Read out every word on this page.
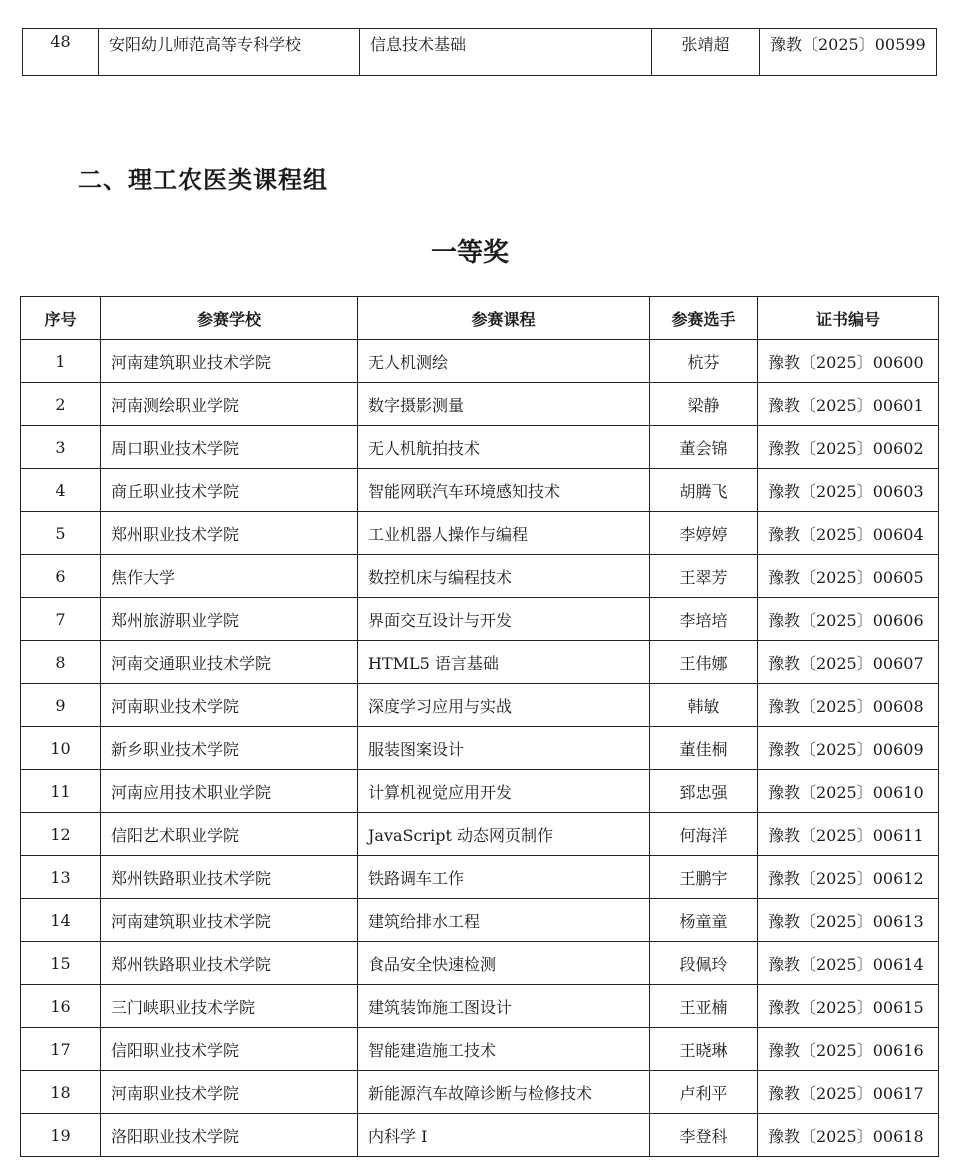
48	安阳幼儿师范高等专科学校	信息技术基础	张靖超	豫教〔2025〕00599
二、理工农医类课程组
一等奖
序号	参赛学校	参赛课程	参赛选手	证书编号
1	河南建筑职业技术学院	无人机测绘	杭芬	豫教〔2025〕00600
2	河南测绘职业学院	数字摄影测量	梁静	豫教〔2025〕00601
3	周口职业技术学院	无人机航拍技术	董会锦	豫教〔2025〕00602
4	商丘职业技术学院	智能网联汽车环境感知技术	胡腾飞	豫教〔2025〕00603
5	郑州职业技术学院	工业机器人操作与编程	李婷婷	豫教〔2025〕00604
6	焦作大学	数控机床与编程技术	王翠芳	豫教〔2025〕00605
7	郑州旅游职业学院	界面交互设计与开发	李培培	豫教〔2025〕00606
8	河南交通职业技术学院	HTML5 语言基础	王伟娜	豫教〔2025〕00607
9	河南职业技术学院	深度学习应用与实战	韩敏	豫教〔2025〕00608
10	新乡职业技术学院	服装图案设计	董佳桐	豫教〔2025〕00609
11	河南应用技术职业学院	计算机视觉应用开发	郅忠强	豫教〔2025〕00610
12	信阳艺术职业学院	JavaScript 动态网页制作	何海洋	豫教〔2025〕00611
13	郑州铁路职业技术学院	铁路调车工作	王鹏宇	豫教〔2025〕00612
14	河南建筑职业技术学院	建筑给排水工程	杨童童	豫教〔2025〕00613
15	郑州铁路职业技术学院	食品安全快速检测	段佩玲	豫教〔2025〕00614
16	三门峡职业技术学院	建筑装饰施工图设计	王亚楠	豫教〔2025〕00615
17	信阳职业技术学院	智能建造施工技术	王晓琳	豫教〔2025〕00616
18	河南职业技术学院	新能源汽车故障诊断与检修技术	卢利平	豫教〔2025〕00617
19	洛阳职业技术学院	内科学 I	李登科	豫教〔2025〕00618
